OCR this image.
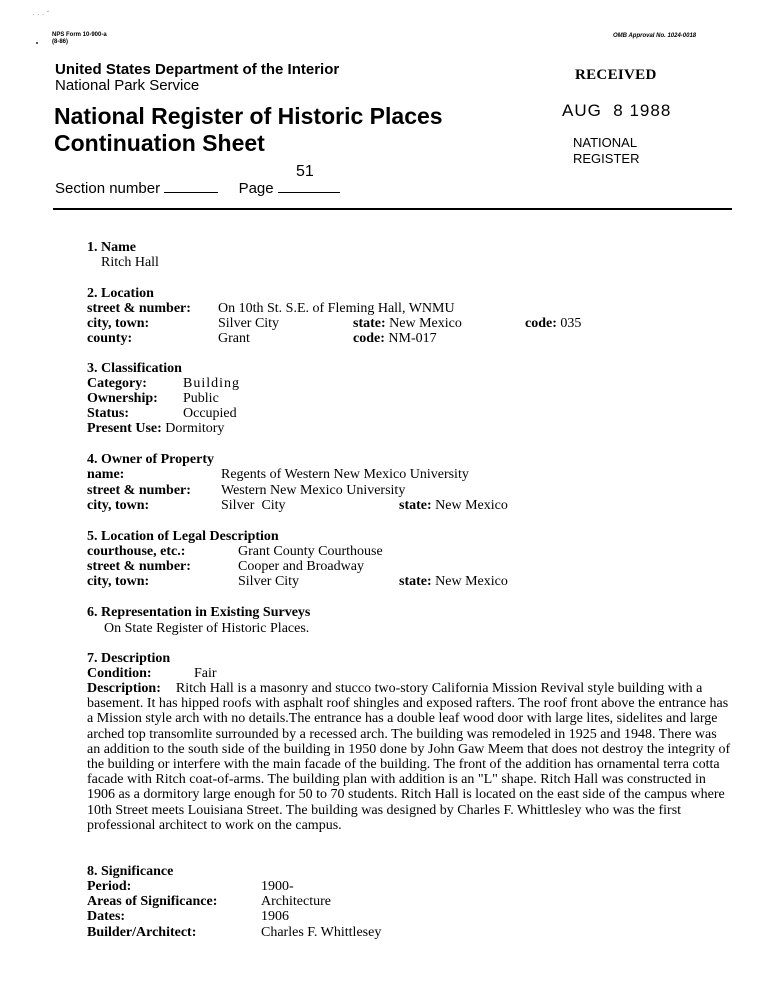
· · · ˇ
NPS Form 10-900-a
(8-86)
OMB Approval No. 1024-0018
United States Department of the Interior
National Park Service
National Register of Historic Places
Continuation Sheet
RECEIVED
AUG  8 1988
NATIONAL
REGISTER
51
Section number	Page
1. Name
Ritch Hall
2. Location
street & number: On 10th St. S.E. of Fleming Hall, WNMU
city, town:	Silver City	state: New Mexico	code: 035
county:	Grant	code: NM-017
3. Classification
Category:	Building
Ownership: Public
Status:	Occupied
Present Use: Dormitory
4. Owner of Property
name:	Regents of Western New Mexico University
street & number: Western New Mexico University
city, town:	Silver  City	state: New Mexico
5. Location of Legal Description
courthouse, etc.:	Grant County Courthouse
street & number:	Cooper and Broadway
city, town:	Silver City	state: New Mexico
6. Representation in Existing Surveys
On State Register of Historic Places.
7. Description
Condition:	Fair

Description: Ritch Hall is a masonry and stucco two-story California Mission Revival style building with a basement. It has hipped roofs with asphalt roof shingles and exposed rafters. The roof front above the entrance has a Mission style arch with no details.The entrance has a double leaf wood door with large lites, sidelites and large arched top transomlite surrounded by a recessed arch. The building was remodeled in 1925 and 1948. There was an addition to the south side of the building in 1950 done by John Gaw Meem that does not destroy the integrity of the building or interfere with the main facade of the building. The front of the addition has ornamental terra cotta facade with Ritch coat-of-arms. The building plan with addition is an "L" shape. Ritch Hall was constructed in 1906 as a dormitory large enough for 50 to 70 students. Ritch Hall is located on the east side of the campus where 10th Street meets Louisiana Street. The building was designed by Charles F. Whittlesley who was the first professional architect to work on the campus.

8. Significance
Period:	1900-
Areas of Significance:	Architecture
Dates:	1906
Builder/Architect:	Charles F. Whittlesey
